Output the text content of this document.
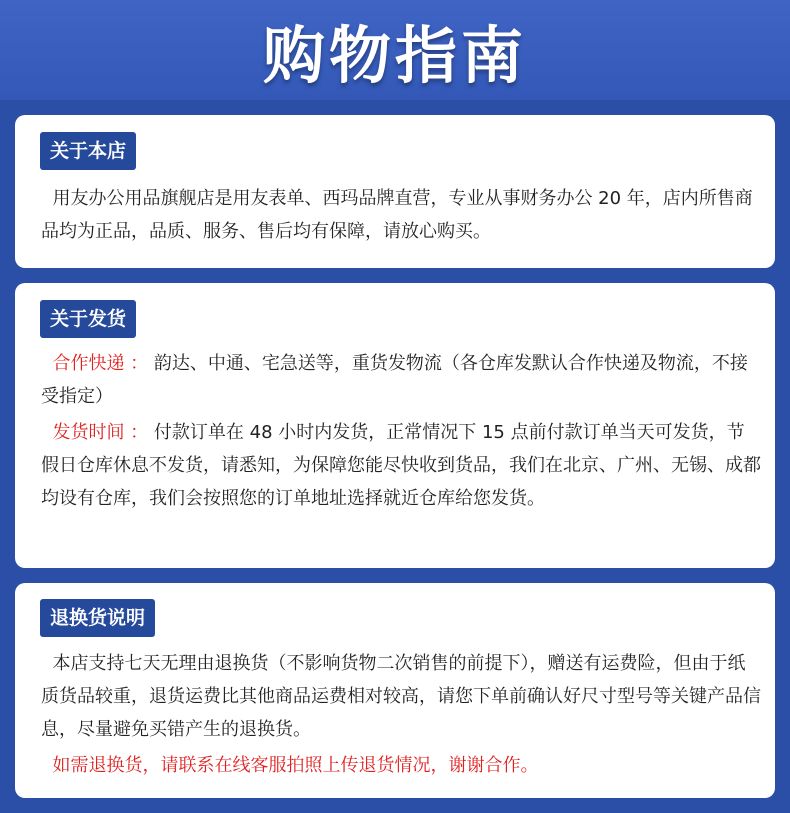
购物指南
关于本店

用友办公用品旗舰店是用友表单、西玛品牌直营，专业从事财务办公 20 年，店内所售商品均为正品，品质、服务、售后均有保障，请放心购买。

关于发货

合作快递 ： 韵达、中通、宅急送等，重货发物流（各仓库发默认合作快递及物流，不接受指定）

发货时间 ： 付款订单在 48 小时内发货，正常情况下 15 点前付款订单当天可发货，节假日仓库休息不发货，请悉知，为保障您能尽快收到货品，我们在北京、广州、无锡、成都均设有仓库，我们会按照您的订单地址选择就近仓库给您发货。

退换货说明

本店支持七天无理由退换货（不影响货物二次销售的前提下），赠送有运费险，但由于纸质货品较重，退货运费比其他商品运费相对较高，请您下单前确认好尺寸型号等关键产品信息，尽量避免买错产生的退换货。

如需退换货，请联系在线客服拍照上传退货情况，谢谢合作。
